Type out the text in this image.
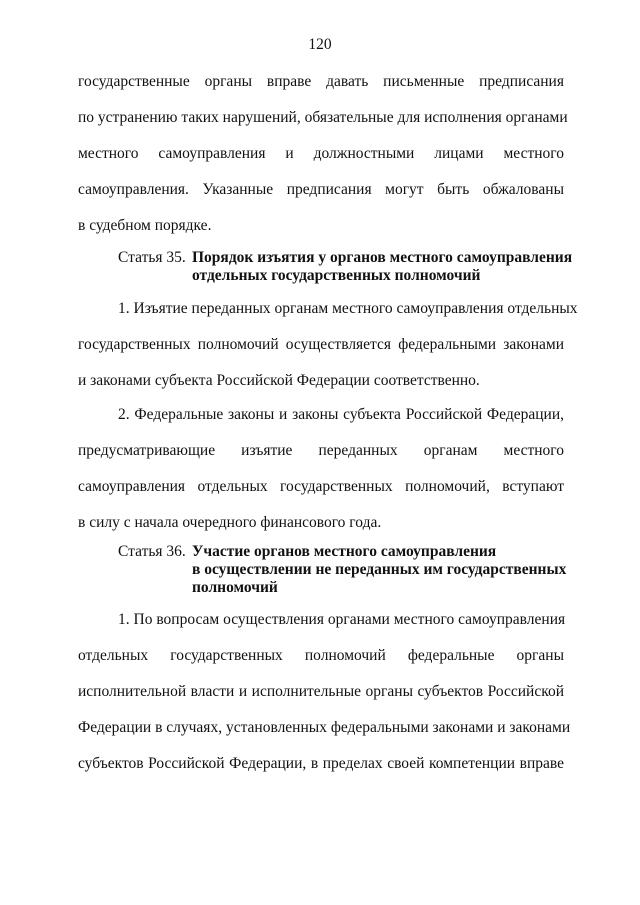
120
государственные органы вправе давать письменные предписания
по устранению таких нарушений, обязательные для исполнения органами
местного самоуправления и должностными лицами местного
самоуправления. Указанные предписания могут быть обжалованы
в судебном порядке.
Статья 35. Порядок изъятия у органов местного самоуправления
отдельных государственных полномочий
1. Изъятие переданных органам местного самоуправления отдельных
государственных полномочий осуществляется федеральными законами
и законами субъекта Российской Федерации соответственно.
2. Федеральные законы и законы субъекта Российской Федерации,
предусматривающие изъятие переданных органам местного
самоуправления отдельных государственных полномочий, вступают
в силу с начала очередного финансового года.
Статья 36. Участие органов местного самоуправления
в осуществлении не переданных им государственных
полномочий
1. По вопросам осуществления органами местного самоуправления
отдельных государственных полномочий федеральные органы
исполнительной власти и исполнительные органы субъектов Российской
Федерации в случаях, установленных федеральными законами и законами
субъектов Российской Федерации, в пределах своей компетенции вправе
